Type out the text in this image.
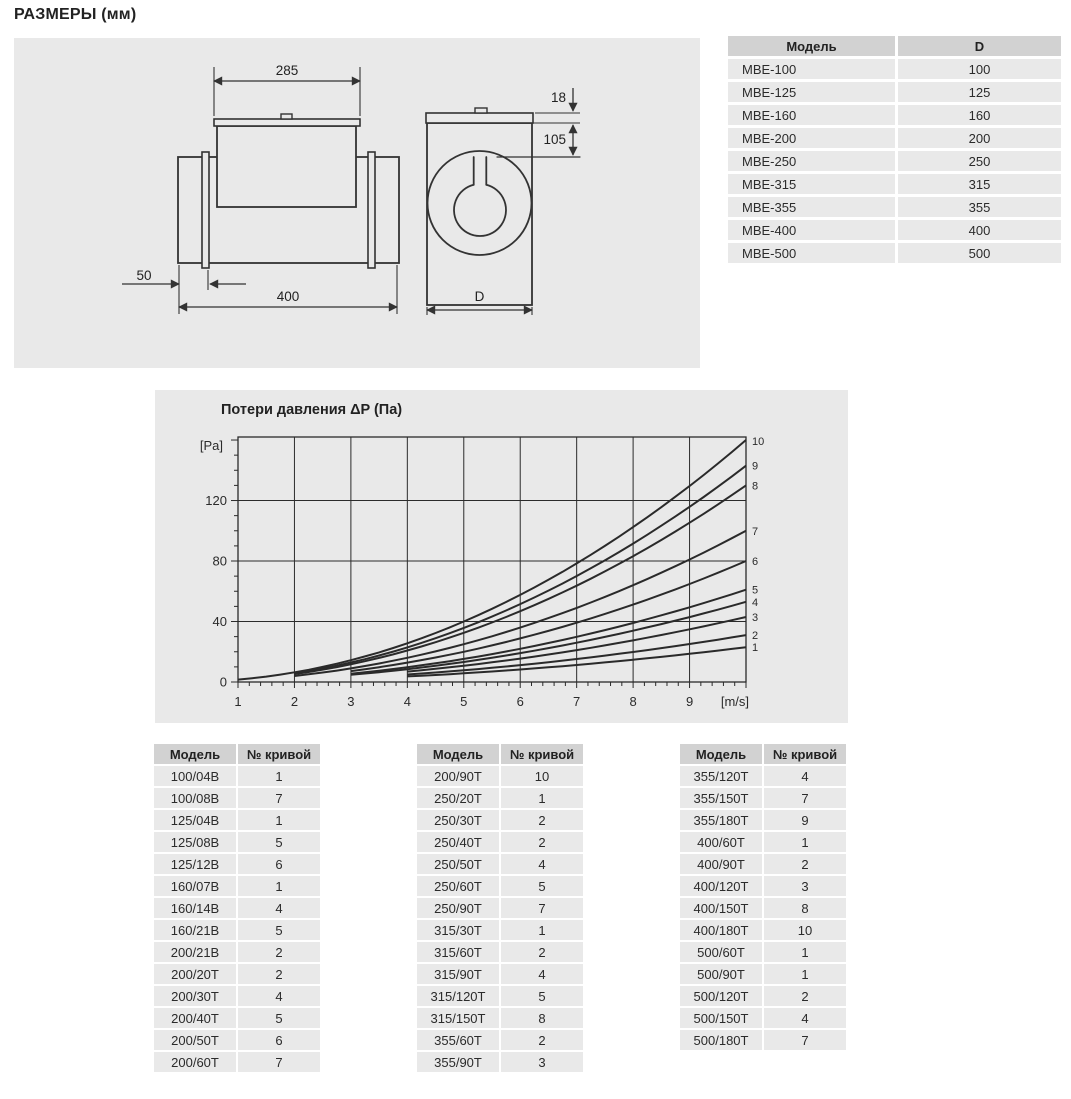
РАЗМЕРЫ (мм)
285
50
400
18
105
D
Модель	D
МВЕ-100	100
МВЕ-125	125
МВЕ-160	160
МВЕ-200	200
МВЕ-250	250
МВЕ-315	315
МВЕ-355	355
МВЕ-400	400
МВЕ-500	500
Потери давления ΔP (Па)
1	2	3	4	5	6	7	8	9 [m/s]
0
40
80
120
[Pa]
1
2
3
4
5
6
7
8
9
10
Модель	№ кривой
100/04B	1
100/08B	7
125/04B	1
125/08B	5
125/12B	6
160/07B	1
160/14B	4
160/21B	5
200/21B	2
200/20T	2
200/30T	4
200/40T	5
200/50T	6
200/60T	7
Модель	№ кривой
200/90T	10
250/20T	1
250/30T	2
250/40T	2
250/50T	4
250/60T	5
250/90T	7
315/30T	1
315/60T	2
315/90T	4
315/120T	5
315/150T	8
355/60T	2
355/90T	3
Модель	№ кривой
355/120T	4
355/150T	7
355/180T	9
400/60T	1
400/90T	2
400/120T	3
400/150T	8
400/180T	10
500/60T	1
500/90T	1
500/120T	2
500/150T	4
500/180T	7
